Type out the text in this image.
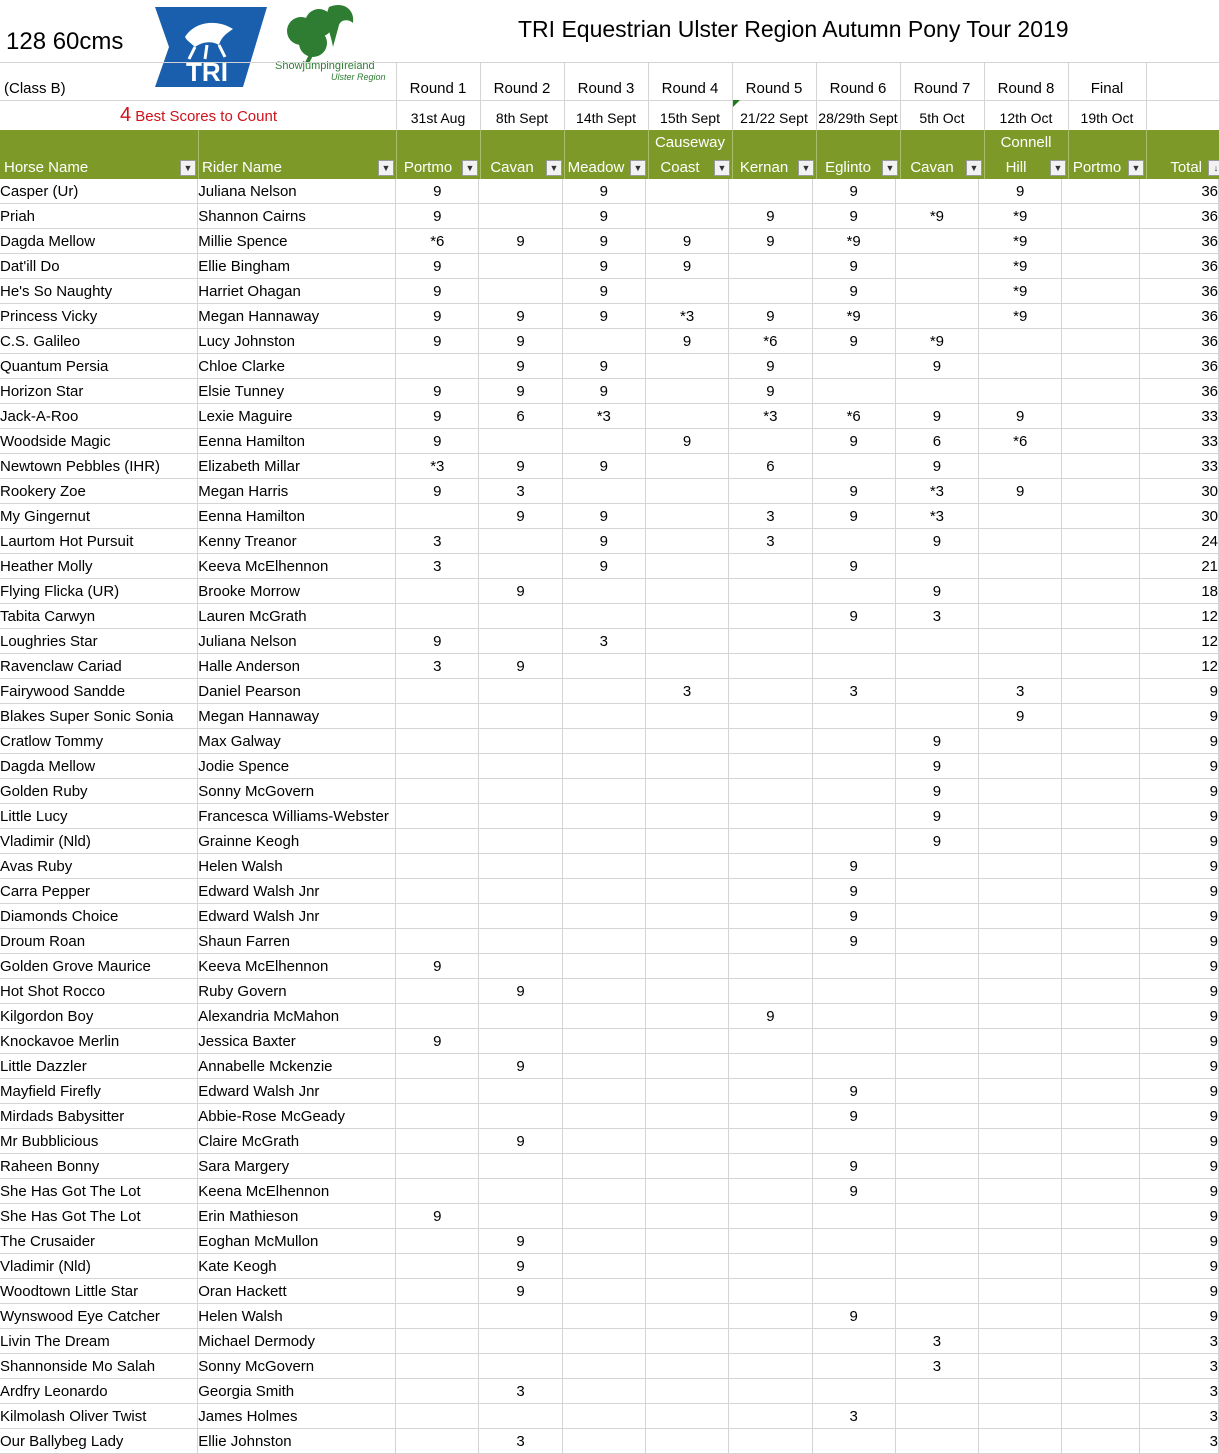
128 60cms
TRI	ShowjumpingIreland
Ulster Region
TRI Equestrian Ulster Region Autumn Pony Tour 2019
(Class B)
4 Best Scores to Count
Round 1
31st Aug
Round 2
8th Sept
Round 3
14th Sept
Round 4
15th Sept
Round 5
21/22 Sept
Round 6
28/29th Sept
Round 7
5th Oct
Round 8
12th Oct
Final
19th Oct
Horse Name	▼ Rider Name	▼ Portmo	▼	Cavan	▼ Meadow	▼
Causeway
Coast	▼ Kernan	▼ Eglinto	▼	Cavan	▼
Connell
Hill	▼ Portmo	▼ Total	↓
Casper (Ur)	Juliana Nelson	9		9			9		9		36
Priah	Shannon Cairns	9		9		9	9	*9	*9		36
Dagda Mellow	Millie Spence	*6	9	9	9	9	*9		*9		36
Dat'ill Do	Ellie Bingham	9		9	9		9		*9		36
He's So Naughty	Harriet Ohagan	9		9			9		*9		36
Princess Vicky	Megan Hannaway	9	9	9	*3	9	*9		*9		36
C.S. Galileo	Lucy Johnston	9	9		9	*6	9	*9			36
Quantum Persia	Chloe Clarke		9	9		9		9			36
Horizon Star	Elsie Tunney	9	9	9		9					36
Jack-A-Roo	Lexie Maguire	9	6	*3		*3	*6	9	9		33
Woodside Magic	Eenna Hamilton	9			9		9	6	*6		33
Newtown Pebbles (IHR)	Elizabeth Millar	*3	9	9		6		9			33
Rookery Zoe	Megan Harris	9	3				9	*3	9		30
My Gingernut	Eenna Hamilton		9	9		3	9	*3			30
Laurtom Hot Pursuit	Kenny Treanor	3		9		3		9			24
Heather Molly	Keeva McElhennon	3		9			9				21
Flying Flicka (UR)	Brooke Morrow		9					9			18
Tabita Carwyn	Lauren McGrath						9	3			12
Loughries Star	Juliana Nelson	9		3							12
Ravenclaw Cariad	Halle Anderson	3	9								12
Fairywood Sandde	Daniel Pearson				3		3		3		9
Blakes Super Sonic Sonia	Megan Hannaway								9		9
Cratlow Tommy	Max Galway							9			9
Dagda Mellow	Jodie Spence							9			9
Golden Ruby	Sonny McGovern							9			9
Little Lucy	Francesca Williams-Webster							9			9
Vladimir (Nld)	Grainne Keogh							9			9
Avas Ruby	Helen Walsh						9				9
Carra Pepper	Edward Walsh Jnr						9				9
Diamonds Choice	Edward Walsh Jnr						9				9
Droum Roan	Shaun Farren						9				9
Golden Grove Maurice	Keeva McElhennon	9									9
Hot Shot Rocco	Ruby Govern		9								9
Kilgordon Boy	Alexandria McMahon					9					9
Knockavoe Merlin	Jessica Baxter	9									9
Little Dazzler	Annabelle Mckenzie		9								9
Mayfield Firefly	Edward Walsh Jnr						9				9
Mirdads Babysitter	Abbie-Rose McGeady						9				9
Mr Bubblicious	Claire McGrath		9								9
Raheen Bonny	Sara Margery						9				9
She Has Got The Lot	Keena McElhennon						9				9
She Has Got The Lot	Erin Mathieson	9									9
The Crusaider	Eoghan McMullon		9								9
Vladimir (Nld)	Kate Keogh		9								9
Woodtown Little Star	Oran Hackett		9								9
Wynswood Eye Catcher	Helen Walsh						9				9
Livin The Dream	Michael Dermody							3			3
Shannonside Mo Salah	Sonny McGovern							3			3
Ardfry Leonardo	Georgia Smith		3								3
Kilmolash Oliver Twist	James Holmes						3				3
Our Ballybeg Lady	Ellie Johnston		3								3
